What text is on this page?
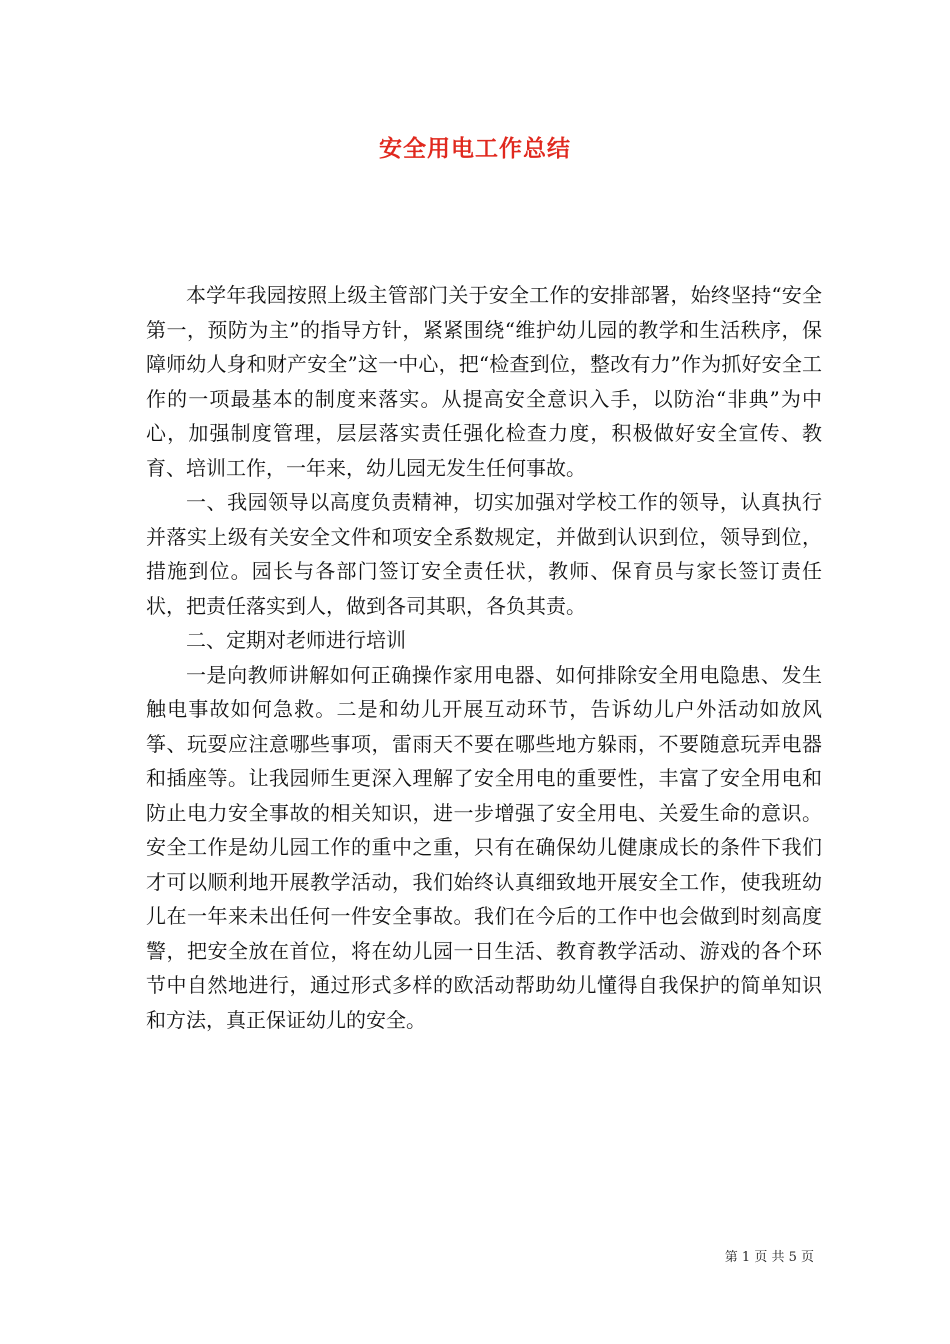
安全用电工作总结

本学年我园按照上级主管部门关于安全工作的安排部署，始终坚持“安全第一，预防为主”的指导方针，紧紧围绕“维护幼儿园的教学和生活秩序，保障师幼人身和财产安全”这一中心，把“检查到位，整改有力”作为抓好安全工作的一项最基本的制度来落实。从提高安全意识入手，以防治“非典”为中心，加强制度管理，层层落实责任强化检查力度，积极做好安全宣传、教育、培训工作，一年来，幼儿园无发生任何事故。

一、我园领导以高度负责精神，切实加强对学校工作的领导，认真执行并落实上级有关安全文件和项安全系数规定，并做到认识到位，领导到位，措施到位。园长与各部门签订安全责任状，教师、保育员与家长签订责任状，把责任落实到人，做到各司其职，各负其责。

二、定期对老师进行培训

一是向教师讲解如何正确操作家用电器、如何排除安全用电隐患、发生触电事故如何急救。二是和幼儿开展互动环节，告诉幼儿户外活动如放风筝、玩耍应注意哪些事项，雷雨天不要在哪些地方躲雨，不要随意玩弄电器和插座等。让我园师生更深入理解了安全用电的重要性，丰富了安全用电和防止电力安全事故的相关知识，进一步增强了安全用电、关爱生命的意识。安全工作是幼儿园工作的重中之重，只有在确保幼儿健康成长的条件下我们才可以顺利地开展教学活动，我们始终认真细致地开展安全工作，使我班幼儿在一年来未出任何一件安全事故。我们在今后的工作中也会做到时刻高度警，把安全放在首位，将在幼儿园一日生活、教育教学活动、游戏的各个环节中自然地进行，通过形式多样的欧活动帮助幼儿懂得自我保护的简单知识和方法，真正保证幼儿的安全。

第 1 页 共 5 页
